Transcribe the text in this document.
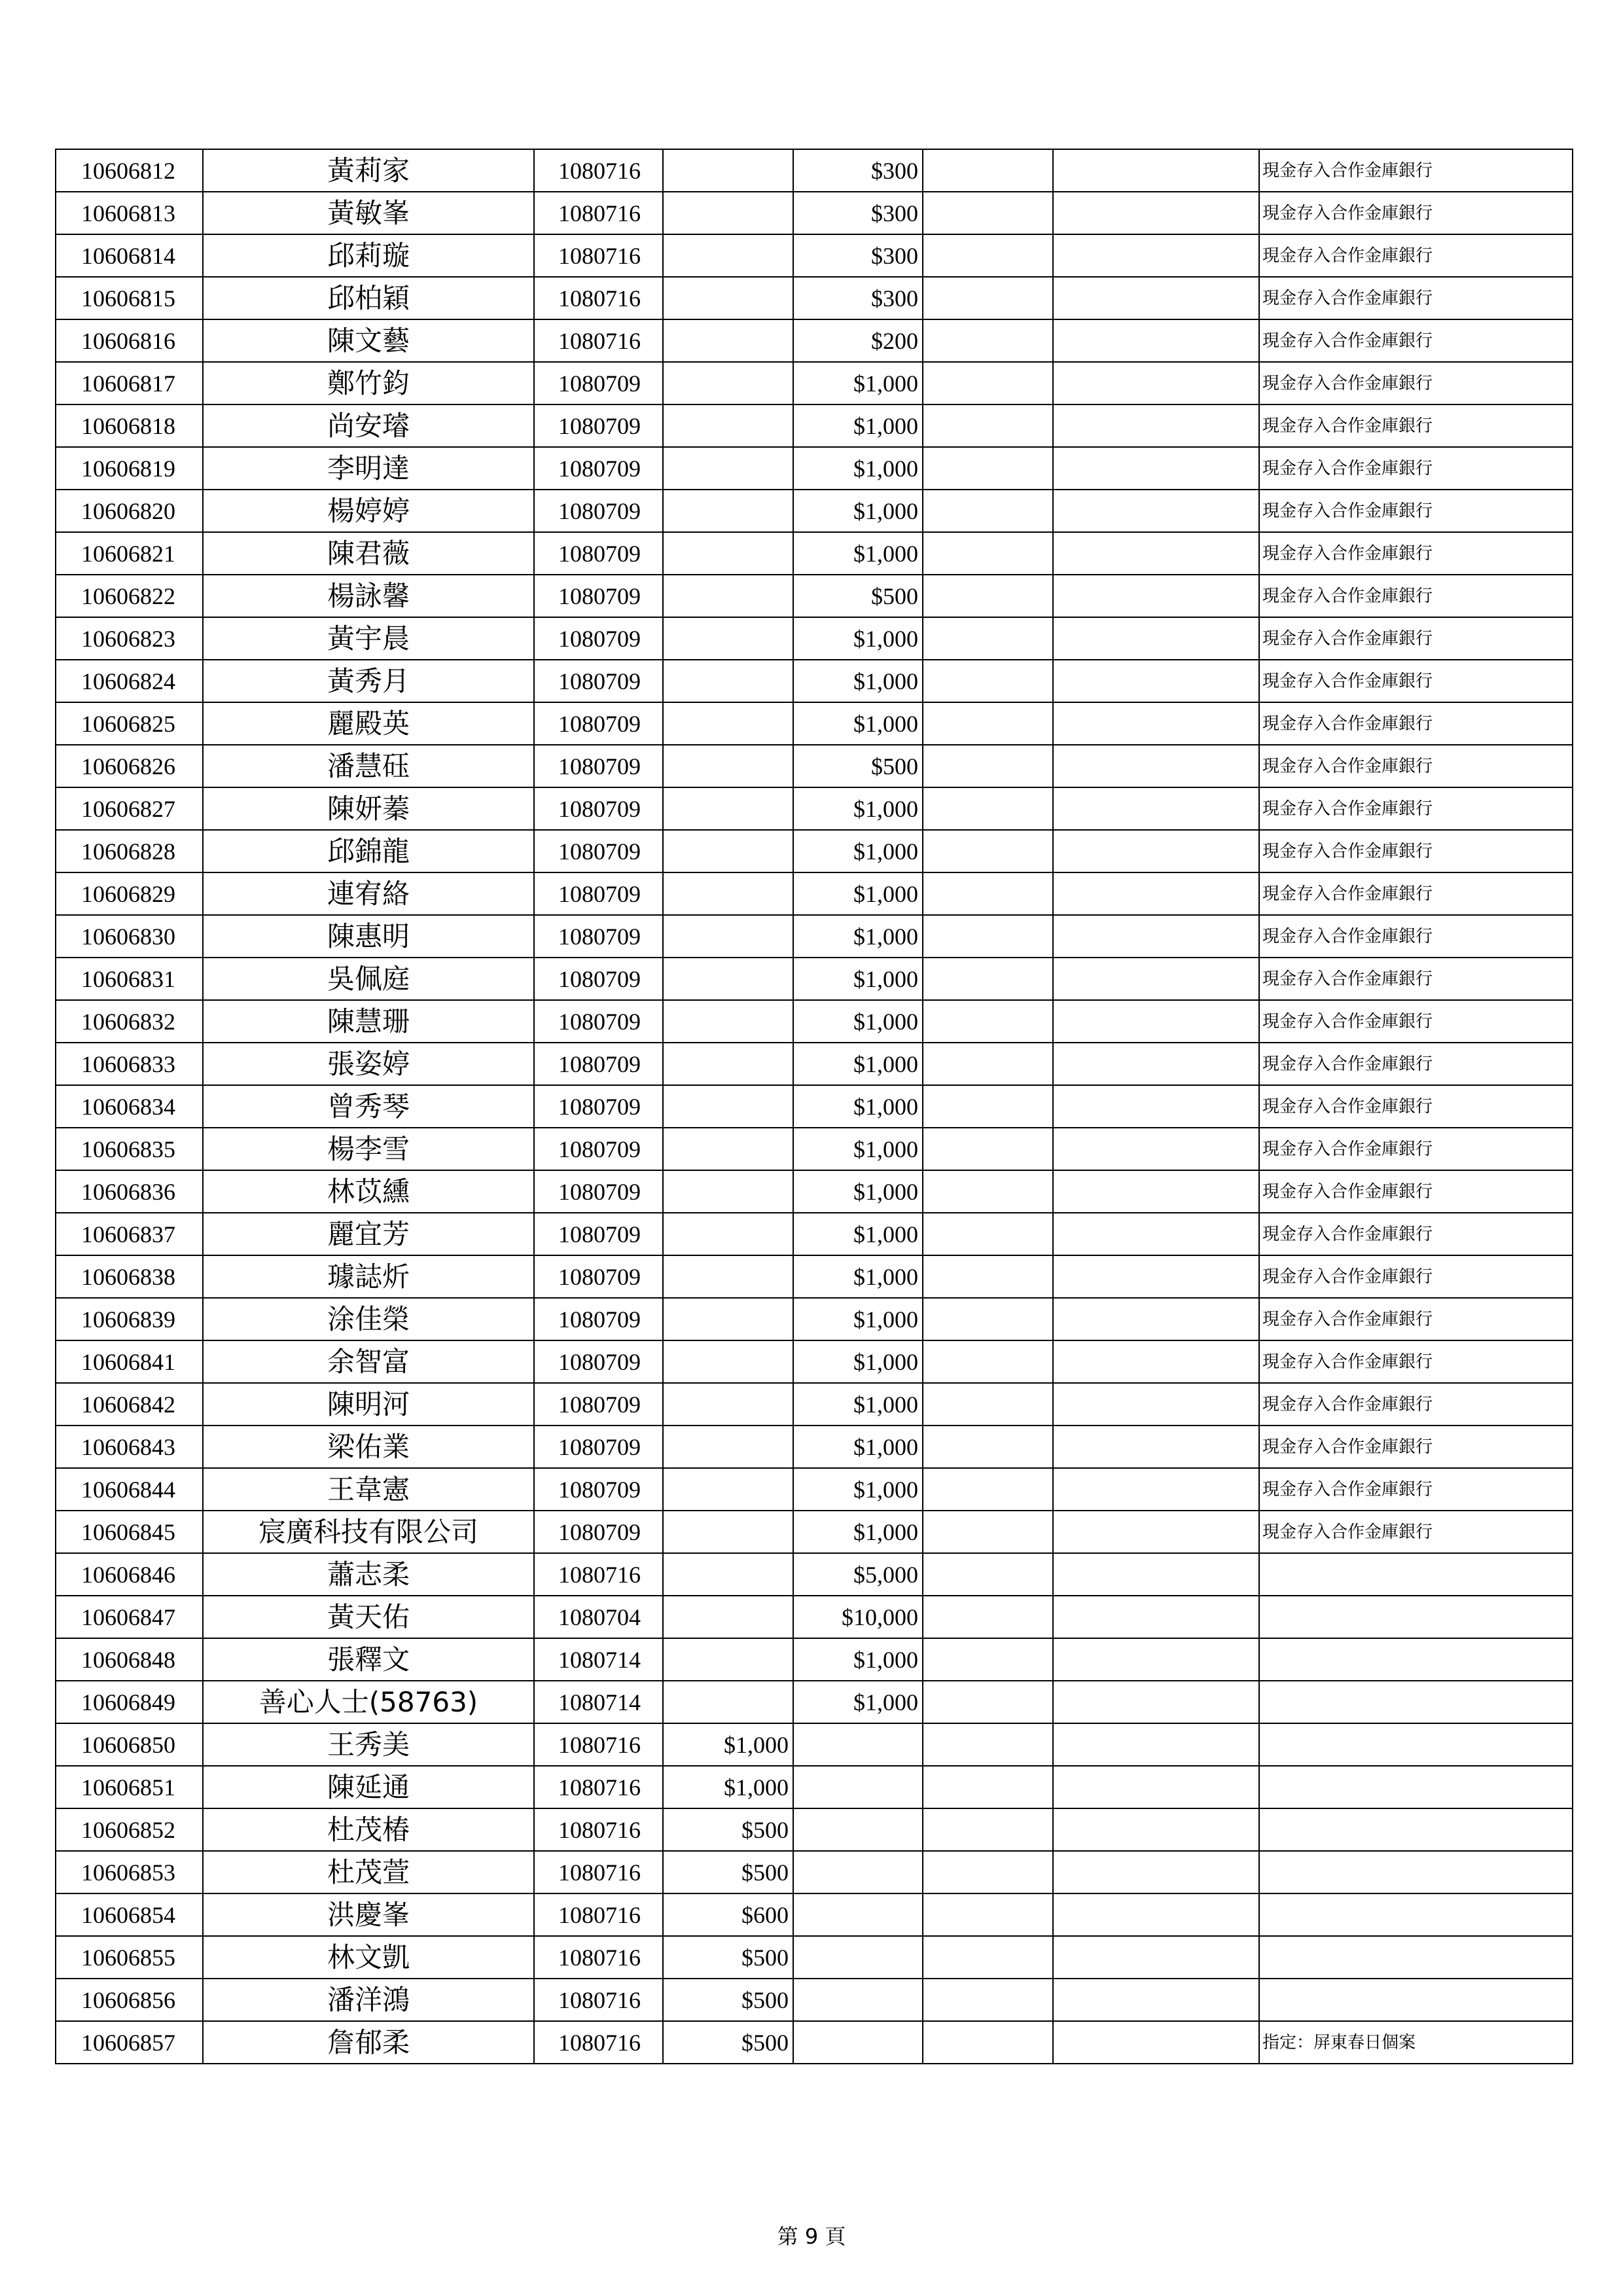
10606812	黃莉家	1080716		$300			現金存入合作金庫銀行
10606813	黃敏峯	1080716		$300			現金存入合作金庫銀行
10606814	邱莉璇	1080716		$300			現金存入合作金庫銀行
10606815	邱柏穎	1080716		$300			現金存入合作金庫銀行
10606816	陳文藝	1080716		$200			現金存入合作金庫銀行
10606817	鄭竹鈞	1080709		$1,000			現金存入合作金庫銀行
10606818	尚安璿	1080709		$1,000			現金存入合作金庫銀行
10606819	李明達	1080709		$1,000			現金存入合作金庫銀行
10606820	楊婷婷	1080709		$1,000			現金存入合作金庫銀行
10606821	陳君薇	1080709		$1,000			現金存入合作金庫銀行
10606822	楊詠馨	1080709		$500			現金存入合作金庫銀行
10606823	黃宇晨	1080709		$1,000			現金存入合作金庫銀行
10606824	黃秀月	1080709		$1,000			現金存入合作金庫銀行
10606825	麗殿英	1080709		$1,000			現金存入合作金庫銀行
10606826	潘慧砡	1080709		$500			現金存入合作金庫銀行
10606827	陳妍蓁	1080709		$1,000			現金存入合作金庫銀行
10606828	邱錦龍	1080709		$1,000			現金存入合作金庫銀行
10606829	連宥絡	1080709		$1,000			現金存入合作金庫銀行
10606830	陳惠明	1080709		$1,000			現金存入合作金庫銀行
10606831	吳佩庭	1080709		$1,000			現金存入合作金庫銀行
10606832	陳慧珊	1080709		$1,000			現金存入合作金庫銀行
10606833	張姿婷	1080709		$1,000			現金存入合作金庫銀行
10606834	曾秀琴	1080709		$1,000			現金存入合作金庫銀行
10606835	楊李雪	1080709		$1,000			現金存入合作金庫銀行
10606836	林苡纁	1080709		$1,000			現金存入合作金庫銀行
10606837	麗宜芳	1080709		$1,000			現金存入合作金庫銀行
10606838	璩誌炘	1080709		$1,000			現金存入合作金庫銀行
10606839	涂佳榮	1080709		$1,000			現金存入合作金庫銀行
10606841	余智富	1080709		$1,000			現金存入合作金庫銀行
10606842	陳明河	1080709		$1,000			現金存入合作金庫銀行
10606843	梁佑業	1080709		$1,000			現金存入合作金庫銀行
10606844	王韋憲	1080709		$1,000			現金存入合作金庫銀行
10606845	宸廣科技有限公司	1080709		$1,000			現金存入合作金庫銀行
10606846	蕭志柔	1080716		$5,000			
10606847	黃天佑	1080704		$10,000			
10606848	張釋文	1080714		$1,000			
10606849	善心人士(58763)	1080714		$1,000			
10606850	王秀美	1080716	$1,000				
10606851	陳延通	1080716	$1,000				
10606852	杜茂椿	1080716	$500				
10606853	杜茂萱	1080716	$500				
10606854	洪慶峯	1080716	$600				
10606855	林文凱	1080716	$500				
10606856	潘洋鴻	1080716	$500				
10606857	詹郁柔	1080716	$500				指定：屏東春日個案
第 9 頁
